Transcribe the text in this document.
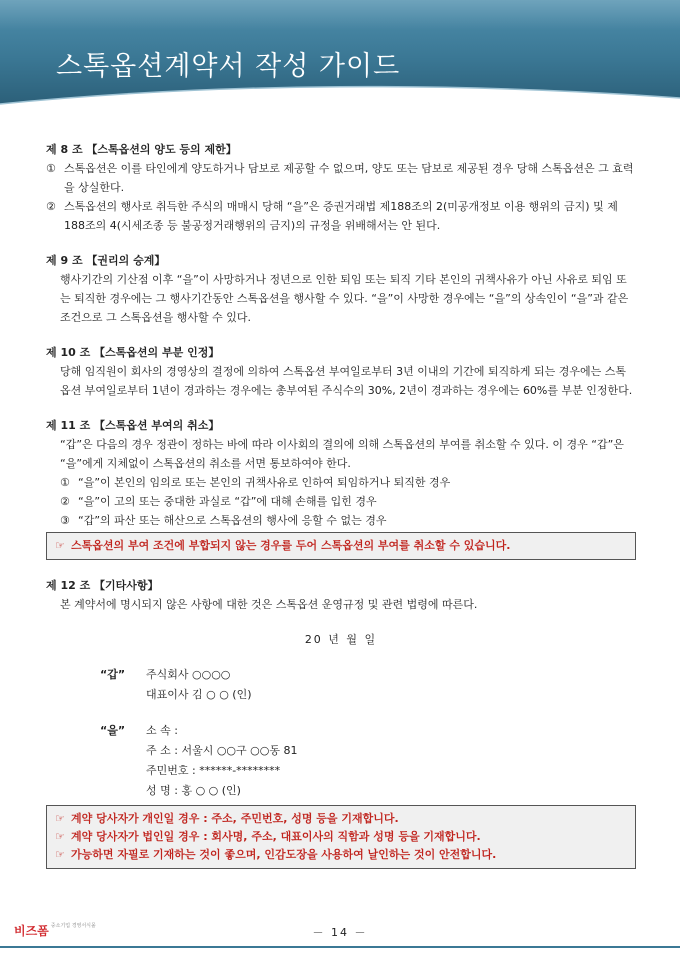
스톡옵션계약서 작성 가이드
제 8 조 【스톡옵션의 양도 등의 제한】
① 스톡옵션은 이를 타인에게 양도하거나 담보로 제공할 수 없으며, 양도 또는 담보로 제공된 경우 당해 스톡옵션은 그 효력을 상실한다.
② 스톡옵션의 행사로 취득한 주식의 매매시 당해 “을”은 증권거래법 제188조의 2(미공개정보 이용 행위의 금지) 및 제188조의 4(시세조종 등 불공정거래행위의 금지)의 규정을 위배해서는 안 된다.
제 9 조 【권리의 승계】
행사기간의 기산점 이후 “을”이 사망하거나 정년으로 인한 퇴임 또는 퇴직 기타 본인의 귀책사유가 아닌 사유로 퇴임 또는 퇴직한 경우에는 그 행사기간동안 스톡옵션을 행사할 수 있다. “을”이 사망한 경우에는 “을”의 상속인이 “을”과 같은 조건으로 그 스톡옵션을 행사할 수 있다.
제 10 조 【스톡옵션의 부분 인정】
당해 임직원이 회사의 경영상의 결정에 의하여 스톡옵션 부여일로부터 3년 이내의 기간에 퇴직하게 되는 경우에는 스톡옵션 부여일로부터 1년이 경과하는 경우에는 총부여된 주식수의 30%, 2년이 경과하는 경우에는 60%를 부분 인정한다.
제 11 조 【스톡옵션 부여의 취소】
“갑”은 다음의 경우 정관이 정하는 바에 따라 이사회의 결의에 의해 스톡옵션의 부여를 취소할 수 있다. 이 경우 “갑”은 “을”에게 지체없이 스톡옵션의 취소를 서면 통보하여야 한다.
① “을”이 본인의 임의로 또는 본인의 귀책사유로 인하여 퇴임하거나 퇴직한 경우
② “을”이 고의 또는 중대한 과실로 “갑”에 대해 손해를 입힌 경우
③ “갑”의 파산 또는 해산으로 스톡옵션의 행사에 응할 수 없는 경우
☞ 스톡옵션의 부여 조건에 부합되지 않는 경우를 두어 스톡옵션의 부여를 취소할 수 있습니다.
제 12 조 【기타사항】
본 계약서에 명시되지 않은 사항에 대한 것은 스톡옵션 운영규정 및 관련 법령에 따른다.
20 년 월 일
“갑” 주식회사 ○○○○
대표이사 김 ○ ○ (인)
“을” 소 속 :
주 소 : 서울시 ○○구 ○○동 81
주민번호 : ******-********
성 명 : 홍 ○ ○ (인)
☞ 계약 당사자가 개인일 경우 : 주소, 주민번호, 성명 등을 기재합니다.
☞ 계약 당사자가 법인일 경우 : 회사명, 주소, 대표이사의 직함과 성명 등을 기재합니다.
☞ 가능하면 자필로 기재하는 것이 좋으며, 인감도장을 사용하여 날인하는 것이 안전합니다.
비즈폼 $^{중소기업 경영서식몰}$	－ 14 －
